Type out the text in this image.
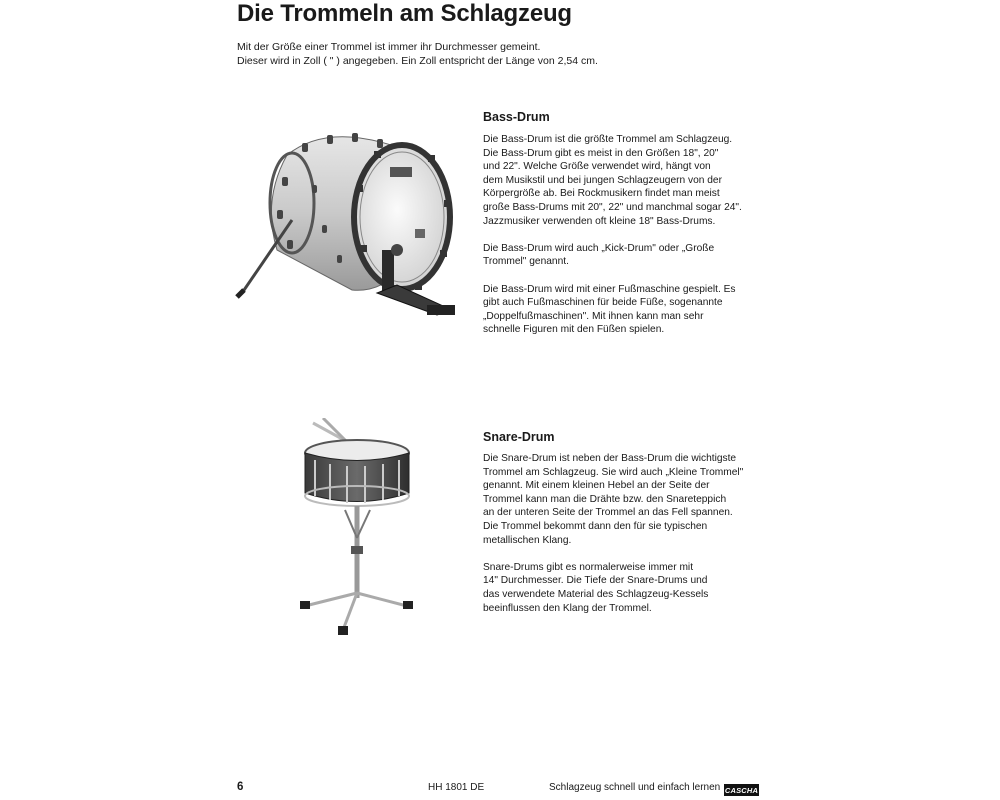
Die Trommeln am Schlagzeug

Mit der Größe einer Trommel ist immer ihr Durchmesser gemeint.

Dieser wird in Zoll ( " ) angegeben. Ein Zoll entspricht der Länge von 2,54 cm.

Bass-Drum

Die Bass-Drum ist die größte Trommel am Schlagzeug.
Die Bass-Drum gibt es meist in den Größen 18", 20"
und 22". Welche Größe verwendet wird, hängt von
dem Musikstil und bei jungen Schlagzeugern von der
Körpergröße ab. Bei Rockmusikern findet man meist
große Bass-Drums mit 20", 22" und manchmal sogar 24".
Jazzmusiker verwenden oft kleine 18" Bass-Drums.

Die Bass-Drum wird auch „Kick-Drum" oder „Große
Trommel" genannt.

Die Bass-Drum wird mit einer Fußmaschine gespielt. Es
gibt auch Fußmaschinen für beide Füße, sogenannte
„Doppelfußmaschinen". Mit ihnen kann man sehr
schnelle Figuren mit den Füßen spielen.

Snare-Drum

Die Snare-Drum ist neben der Bass-Drum die wichtigste
Trommel am Schlagzeug. Sie wird auch „Kleine Trommel"
genannt. Mit einem kleinen Hebel an der Seite der
Trommel kann man die Drähte bzw. den Snareteppich
an der unteren Seite der Trommel an das Fell spannen.
Die Trommel bekommt dann den für sie typischen
metallischen Klang.

Snare-Drums gibt es normalerweise immer mit
14" Durchmesser. Die Tiefe der Snare-Drums und
das verwendete Material des Schlagzeug-Kessels
beeinflussen den Klang der Trommel.

6	HH 1801 DE	Schlagzeug schnell und einfach lernen CASCHA
